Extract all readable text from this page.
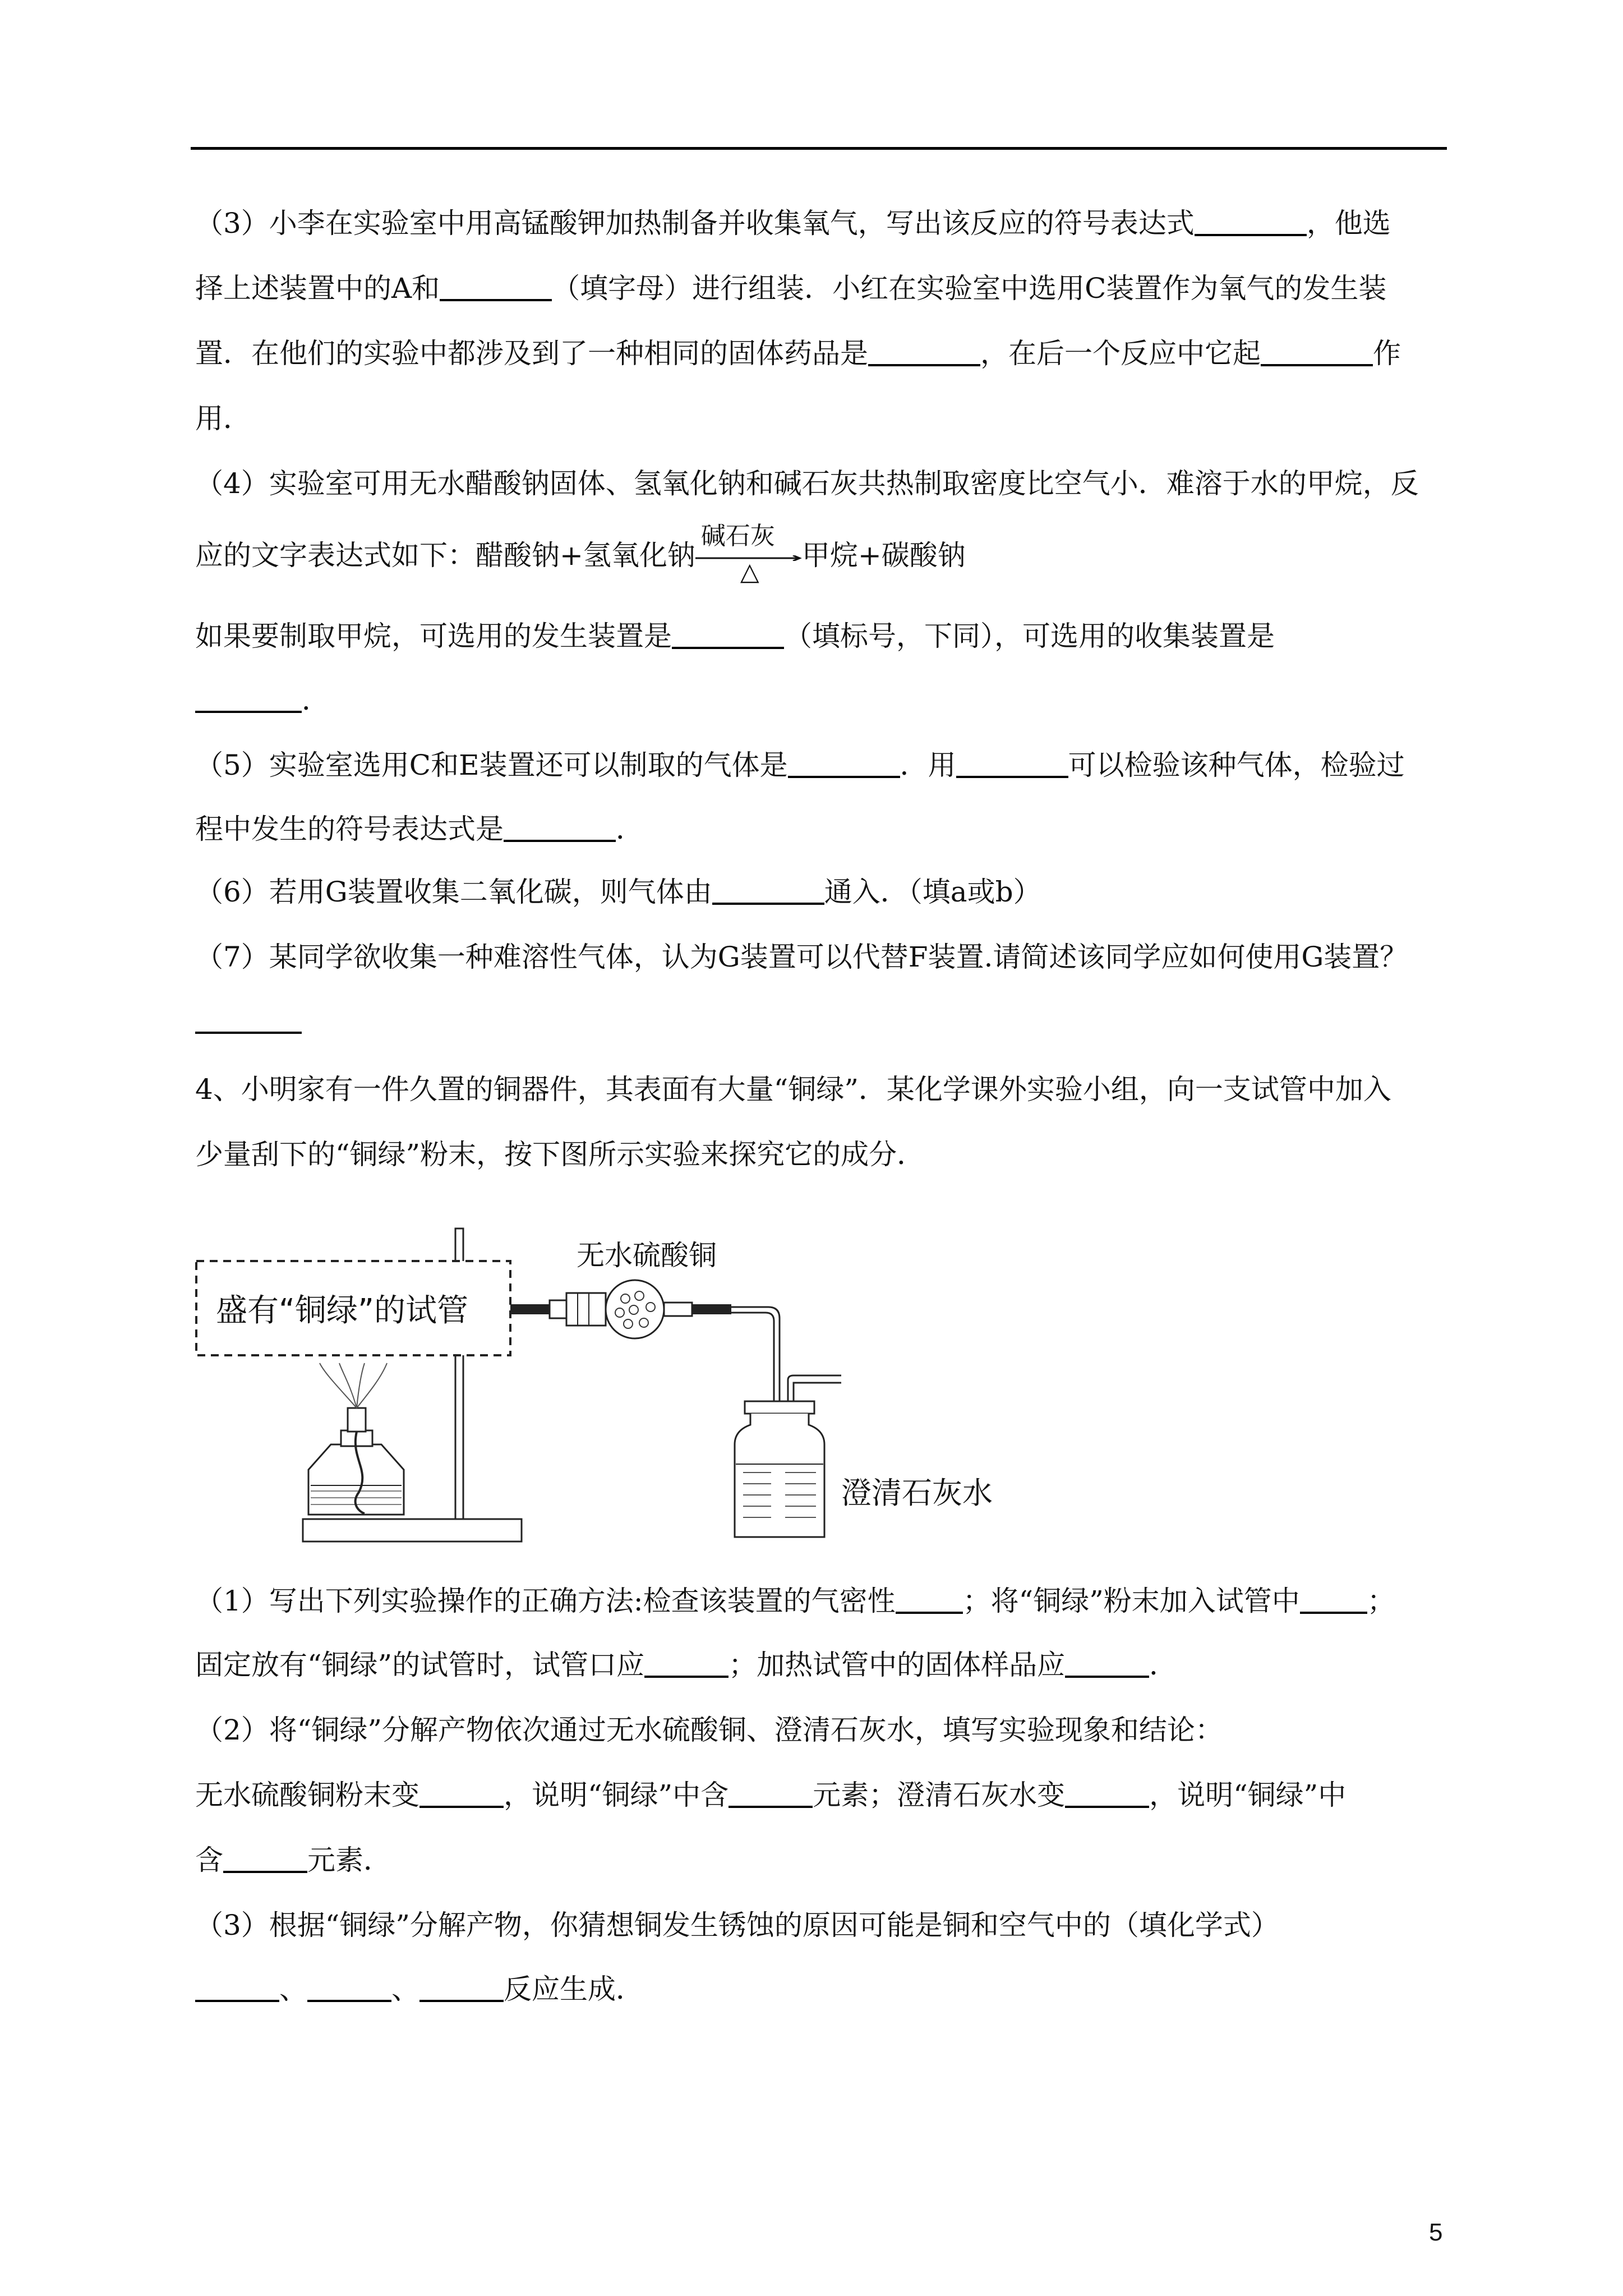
（3）小李在实验室中用高锰酸钾加热制备并收集氧气，写出该反应的符号表达式	，他选
择上述装置中的A和	（填字母）进行组装．小红在实验室中选用C装置作为氧气的发生装
置．在他们的实验中都涉及到了一种相同的固体药品是	，在后一个反应中它起	作
用．
（4）实验室可用无水醋酸钠固体、氢氧化钠和碱石灰共热制取密度比空气小．难溶于水的甲烷，反
应的文字表达式如下：醋酸钠+氢氧化钠
碱石灰
△
甲烷+碳酸钠
如果要制取甲烷，可选用的发生装置是	（填标号，下同），可选用的收集装置是
．
（5）实验室选用C和E装置还可以制取的气体是	．用	可以检验该种气体，检验过
程中发生的符号表达式是	．
（6）若用G装置收集二氧化碳，则气体由	通入．（填a或b）
（7）某同学欲收集一种难溶性气体，认为G装置可以代替F装置.请简述该同学应如何使用G装置？
4、小明家有一件久置的铜器件，其表面有大量“铜绿”．某化学课外实验小组，向一支试管中加入
少量刮下的“铜绿”粉末，按下图所示实验来探究它的成分．
盛有“铜绿”的试管
无水硫酸铜
澄清石灰水
（1）写出下列实验操作的正确方法:检查该装置的气密性 ；将“铜绿”粉末加入试管中 ；
固定放有“铜绿”的试管时，试管口应	；加热试管中的固体样品应	．
（2）将“铜绿”分解产物依次通过无水硫酸铜、澄清石灰水，填写实验现象和结论：
无水硫酸铜粉末变	，说明“铜绿”中含	元素；澄清石灰水变	，说明“铜绿”中
含	元素．
（3）根据“铜绿”分解产物，你猜想铜发生锈蚀的原因可能是铜和空气中的（填化学式）
、	、	反应生成．
5
